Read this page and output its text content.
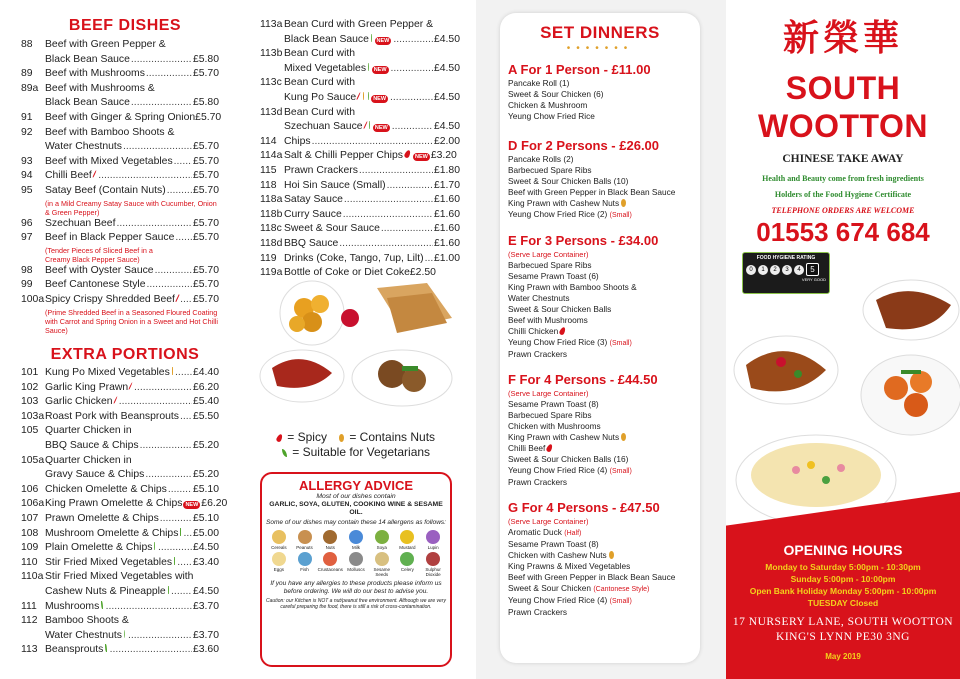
BEEF DISHES
88 Beef with Green Pepper &
Black Bean Sauce .....	£5.80
89 Beef with Mushrooms .....	£5.70
89a Beef with Mushrooms &
Black Bean Sauce .....	£5.80
91 Beef with Ginger & Spring Onion £5.70
92 Beef with Bamboo Shoots &
Water Chestnuts .....	£5.70
93 Beef with Mixed Vegetables ..... £5.70
94 Chilli Beef .....	£5.70
95 Satay Beef (Contain Nuts) .....	£5.70
(in a Mild Creamy Satay Sauce with Cucumber, Onion & Green Pepper)
96 Szechuan Beef .....	£5.70
97 Beef in Black Pepper Sauce ..... £5.70
(Tender Pieces of Sliced Beef in a Creamy Black Pepper Sauce)
98 Beef with Oyster Sauce .....	£5.70
99 Beef Cantonese Style .....	£5.70
100a Spicy Crispy Shredded Beef ..... £5.70
(Prime Shredded Beef in a Seasoned Floured Coating with Carrot and Spring Onion in a Sweet and Hot Chilli Sauce)
EXTRA PORTIONS
101 Kung Po Mixed Vegetables ..... £4.40
102 Garlic King Prawn .....	£6.20
103 Garlic Chicken .....	£5.40
103a Roast Pork with Beansprouts ..... £5.50
105 Quarter Chicken in
BBQ Sauce & Chips .....	£5.20
105a Quarter Chicken in
Gravy Sauce & Chips .....	£5.20
106 Chicken Omelette & Chips .....	£5.10
106a King Prawn Omelette & Chips NEW £6.20
107 Prawn Omelette & Chips .....	£5.10
108 Mushroom Omelette & Chips ..... £5.00
109 Plain Omelette & Chips .....	£4.50
110 Stir Fried Mixed Vegetables ..... £3.40
110a Stir Fried Mixed Vegetables with
Cashew Nuts & Pineapple .....	£4.50
111 Mushrooms .....	£3.70
112 Bamboo Shoots &
Water Chestnuts .....	£3.70
113 Beansprouts .....	£3.60
113a Bean Curd with Green Pepper &
Black Bean Sauce	NEW .....	£4.50
113b Bean Curd with
Mixed Vegetables	NEW .....	£4.50
113c Bean Curd with
Kung Po Sauce	NEW .....	£4.50
113d Bean Curd with
Szechuan Sauce	NEW .....	£4.50
114 Chips .....	£2.00
114a Salt & Chilli Pepper Chips	NEW £3.20
115 Prawn Crackers .....	£1.80
118 Hoi Sin Sauce (Small) .....	£1.70
118a Satay Sauce .....	£1.60
118b Curry Sauce .....	£1.60
118c Sweet & Sour Sauce .....	£1.60
118d BBQ Sauce .....	£1.60
119 Drinks (Coke, Tango, 7up, Lilt) ..... £1.00
119a Bottle of Coke or Diet Coke £2.50
= Spicy = Contains Nuts
= Suitable for Vegetarians
ALLERGY ADVICE
Most of our dishes contain
GARLIC, SOYA, GLUTEN, COOKING WINE & SESAME OIL.
Some of our dishes may contain these 14 allergens as follows:
Cereals Peanuts	Nuts	Milk	Soya	Mustard	Lupin
Eggs	Fish Crustaceans Molluscs	Sesame Seeds
Celery	Sulphur Dioxide
If you have any allergies to these products please inform us before ordering. We will do our best to advise you.
Caution: our Kitchen is NOT a nut/peanut free environment. Although we are very careful preparing the food, there is still a risk of cross-contamination.
SET DINNERS
•••••••
A For 1 Person - £11.00
Pancake Roll (1)
Sweet & Sour Chicken (6)
Chicken & Mushroom
Yeung Chow Fried Rice
D For 2 Persons - £26.00
Pancake Rolls (2)
Barbecued Spare Ribs
Sweet & Sour Chicken Balls (10)
Beef with Green Pepper in Black Bean Sauce
King Prawn with Cashew Nuts
Yeung Chow Fried Rice (2) (Small)
E For 3 Persons - £34.00
(Serve Large Container)
Barbecued Spare Ribs
Sesame Prawn Toast (6)
King Prawn with Bamboo Shoots &
Water Chestnuts
Sweet & Sour Chicken Balls
Beef with Mushrooms
Chilli Chicken
Yeung Chow Fried Rice (3) (Small)
Prawn Crackers
F For 4 Persons - £44.50
(Serve Large Container)
Sesame Prawn Toast (8)
Barbecued Spare Ribs
Chicken with Mushrooms
King Prawn with Cashew Nuts
Chilli Beef
Sweet & Sour Chicken Balls (16)
Yeung Chow Fried Rice (4) (Small)
Prawn Crackers
G For 4 Persons - £47.50
(Serve Large Container)
Aromatic Duck (Half)
Sesame Prawn Toast (8)
Chicken with Cashew Nuts
King Prawns & Mixed Vegetables
Beef with Green Pepper in Black Bean Sauce
Sweet & Sour Chicken (Cantonese Style)
Yeung Chow Fried Rice (4) (Small)
Prawn Crackers
新榮華
SOUTH
WOOTTON
CHINESE TAKE AWAY
Health and Beauty come from fresh ingredients
Holders of the Food Hygiene Certificate
TELEPHONE ORDERS ARE WELCOME
01553 674 684
FOOD HYGIENE RATING
0	1	2	3	4	5
VERY GOOD
OPENING HOURS
Monday to Saturday 5:00pm - 10:30pm
Sunday 5:00pm - 10:00pm
Open Bank Holiday Monday 5:00pm - 10:00pm
TUESDAY Closed
17 NURSERY LANE, SOUTH WOOTTON
KING'S LYNN PE30 3NG
May 2019
